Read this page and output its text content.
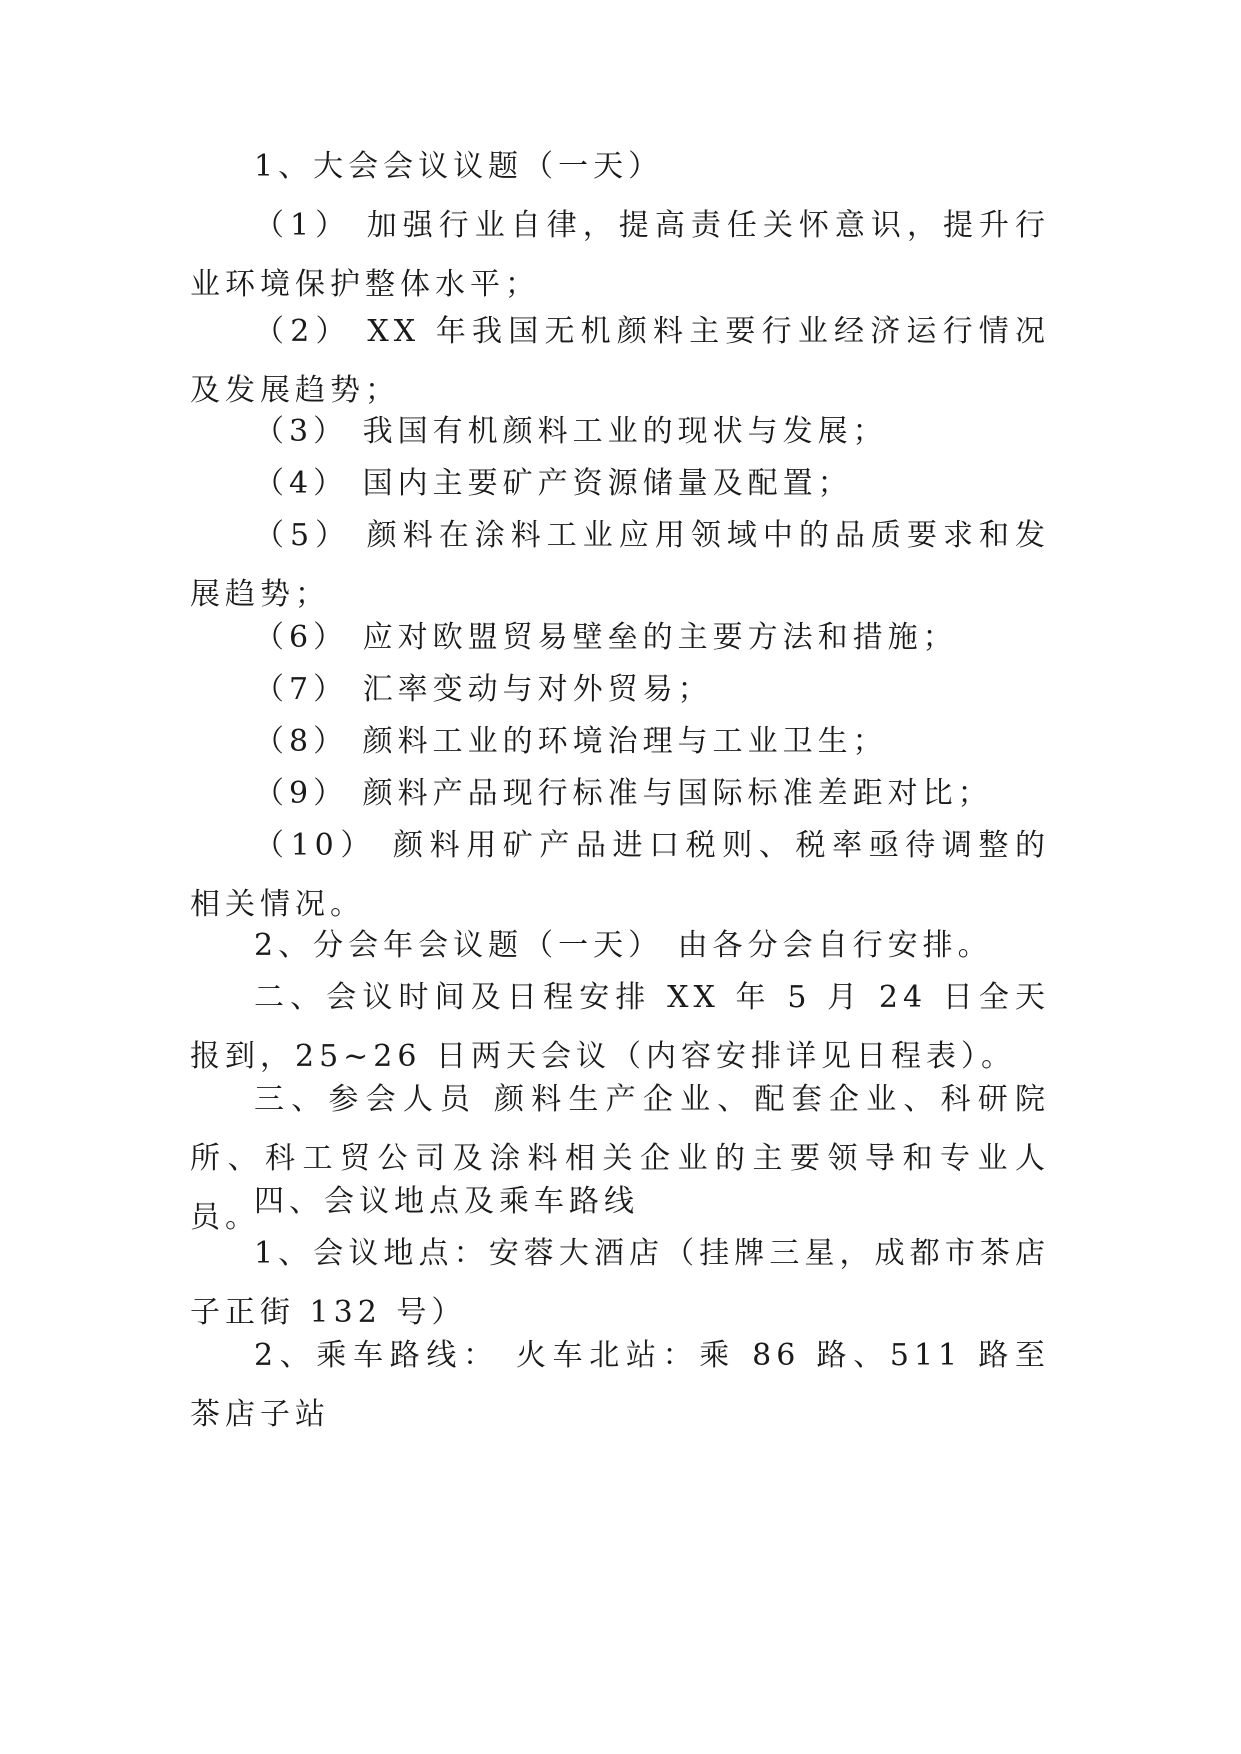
1、大会会议议题（一天）

（1） 加强行业自律，提高责任关怀意识，提升行业环境保护整体水平；

（2） XX 年我国无机颜料主要行业经济运行情况及发展趋势；

（3） 我国有机颜料工业的现状与发展；

（4） 国内主要矿产资源储量及配置；

（5） 颜料在涂料工业应用领域中的品质要求和发展趋势；

（6） 应对欧盟贸易壁垒的主要方法和措施；

（7） 汇率变动与对外贸易；

（8） 颜料工业的环境治理与工业卫生；

（9） 颜料产品现行标准与国际标准差距对比；

（10） 颜料用矿产品进口税则、税率亟待调整的相关情况。

2、分会年会议题（一天） 由各分会自行安排。

二、会议时间及日程安排 XX 年 5 月 24 日全天报到，25~26 日两天会议（内容安排详见日程表）。

三、参会人员 颜料生产企业、配套企业、科研院所、科工贸公司及涂料相关企业的主要领导和专业人员。

四、会议地点及乘车路线

1、会议地点：安蓉大酒店（挂牌三星，成都市茶店子正街 132 号）

2、乘车路线： 火车北站：乘 86 路、511 路至茶店子站
